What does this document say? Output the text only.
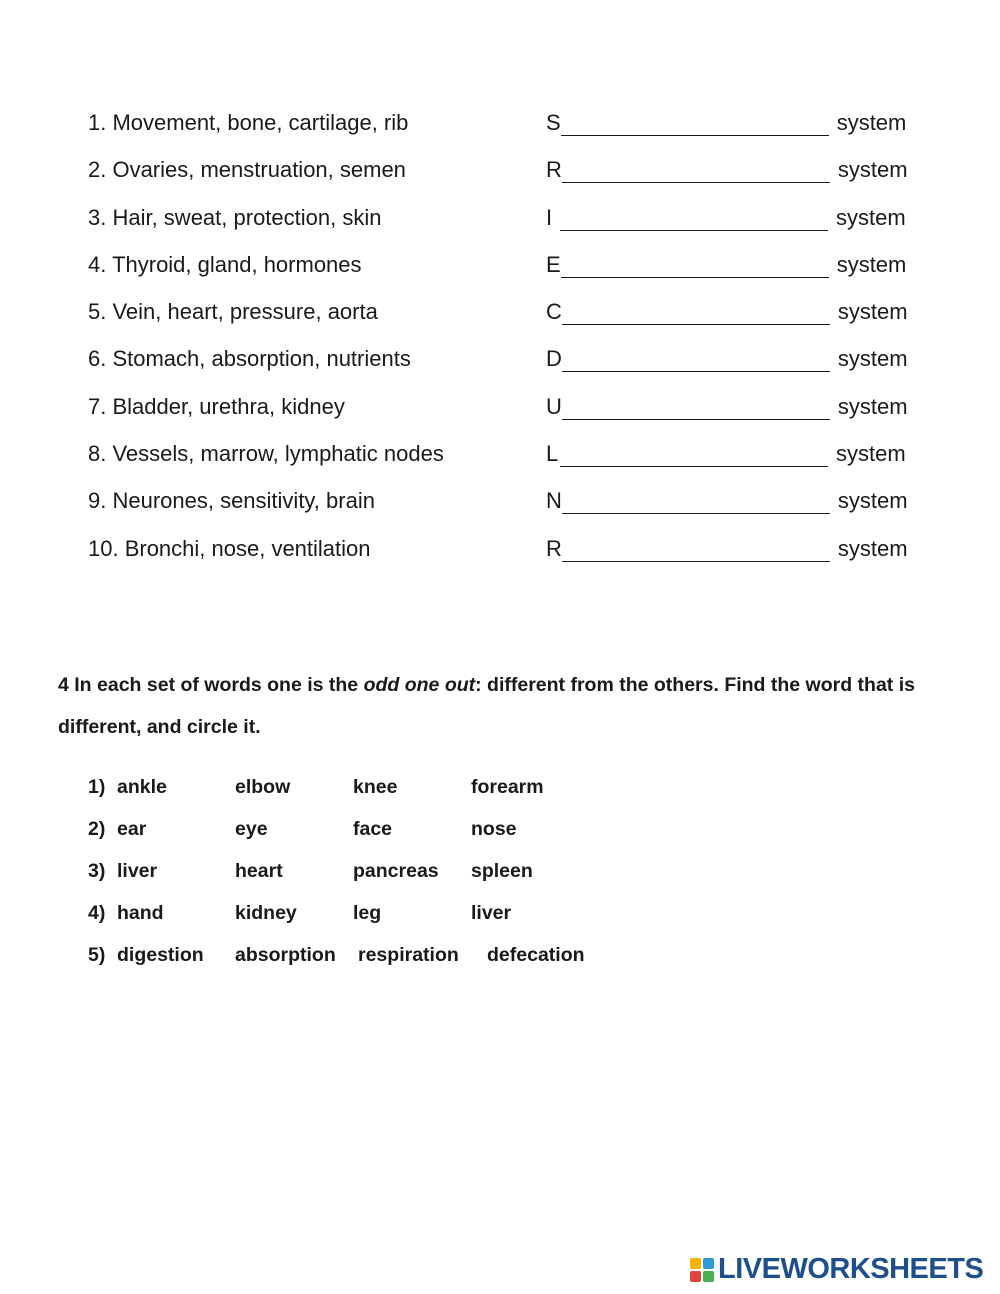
1. Movement, bone, cartilage, rib	S	system
2. Ovaries, menstruation, semen	R	system
3. Hair, sweat, protection, skin	I	system
4. Thyroid, gland, hormones	E	system
5. Vein, heart, pressure, aorta	C	system
6. Stomach, absorption, nutrients	D	system
7. Bladder, urethra, kidney	U	system
8. Vessels, marrow, lymphatic nodes	L	system
9. Neurones, sensitivity, brain	N	system
10. Bronchi, nose, ventilation	R	system
4 In each set of words one is the odd one out: different from the others. Find the word that is different, and circle it.
1) ankle	elbow	knee	forearm
2) ear	eye	face	nose
3) liver	heart	pancreas spleen
4) hand	kidney	leg	liver
5) digestion absorption respiration defecation
LIVEWORKSHEETS
